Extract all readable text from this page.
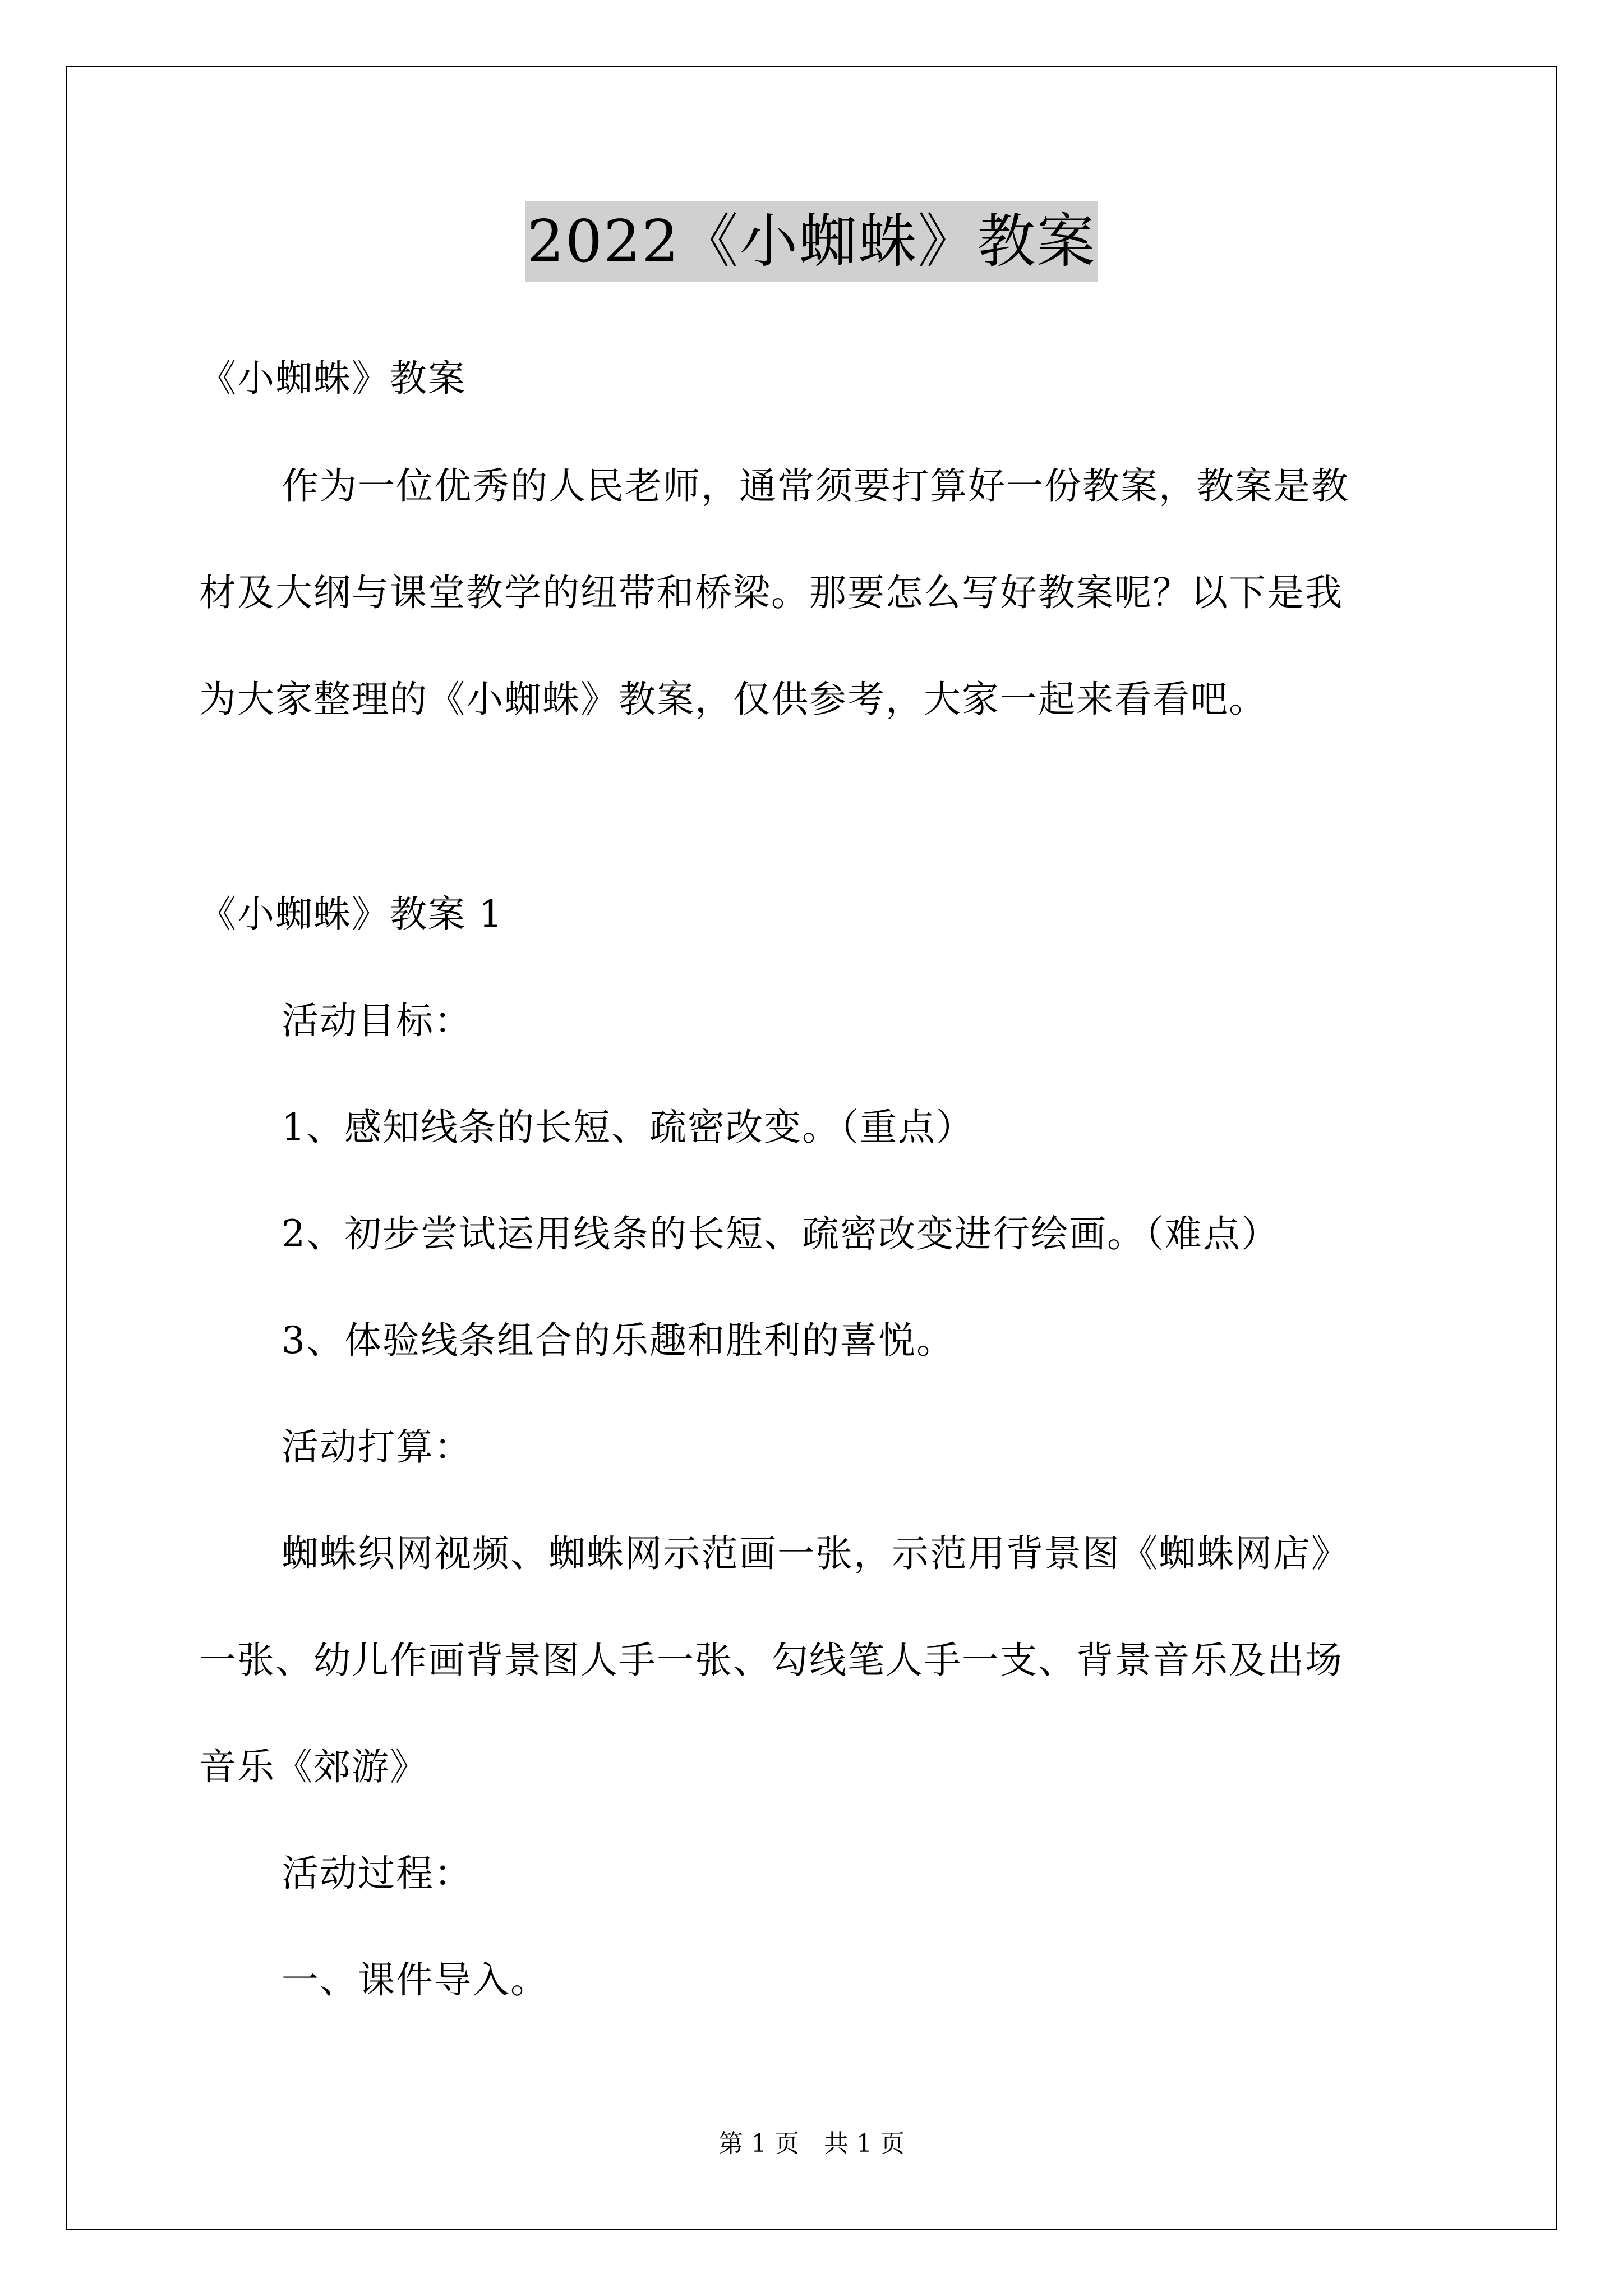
2022《小蜘蛛》教案
《小蜘蛛》教案
作为一位优秀的人民老师，通常须要打算好一份教案，教案是教
材及大纲与课堂教学的纽带和桥梁。那要怎么写好教案呢？以下是我
为大家整理的《小蜘蛛》教案，仅供参考，大家一起来看看吧。
《小蜘蛛》教案 1
活动目标：
1、感知线条的长短、疏密改变。（重点）
2、初步尝试运用线条的长短、疏密改变进行绘画。（难点）
3、体验线条组合的乐趣和胜利的喜悦。
活动打算：
蜘蛛织网视频、蜘蛛网示范画一张，示范用背景图《蜘蛛网店》
一张、幼儿作画背景图人手一张、勾线笔人手一支、背景音乐及出场
音乐《郊游》
活动过程：
一、课件导入。
第 1 页　共 1 页
